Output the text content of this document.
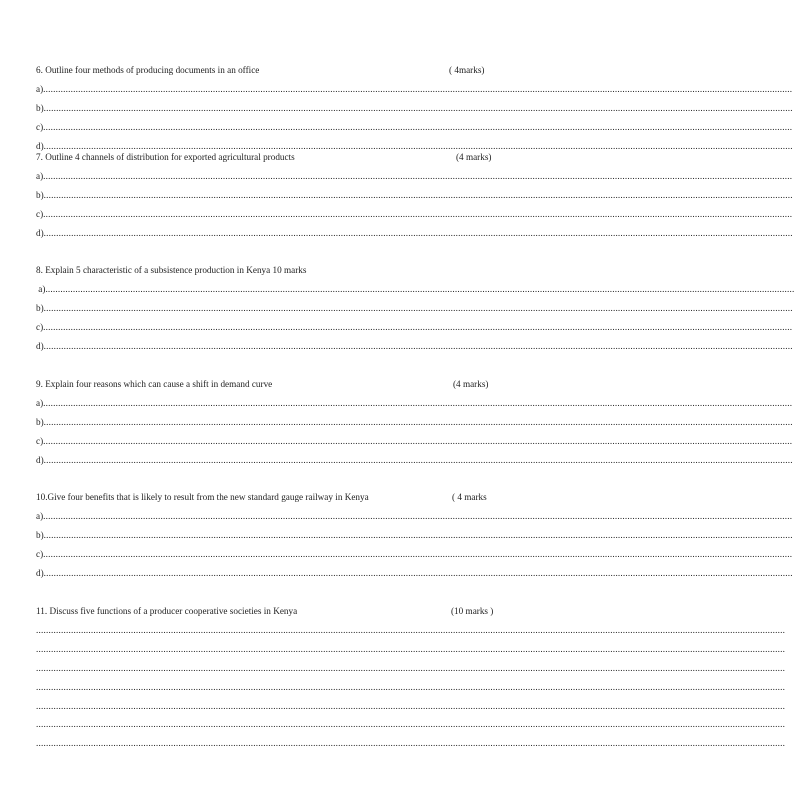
6. Outline four methods of producing documents in an office	( 4marks)
a)............................................................................................................................................................................................................................................................................................................
b)............................................................................................................................................................................................................................................................................................................
c)............................................................................................................................................................................................................................................................................................................
d)............................................................................................................................................................................................................................................................................................................
7. Outline 4 channels of distribution for exported agricultural products	(4 marks)
a)............................................................................................................................................................................................................................................................................................................
b)............................................................................................................................................................................................................................................................................................................
c)............................................................................................................................................................................................................................................................................................................
d)............................................................................................................................................................................................................................................................................................................
8. Explain 5 characteristic of a subsistence production in Kenya 10 marks
a)............................................................................................................................................................................................................................................................................................................
b)............................................................................................................................................................................................................................................................................................................
c)............................................................................................................................................................................................................................................................................................................
d)............................................................................................................................................................................................................................................................................................................
9. Explain four reasons which can cause a shift in demand curve	(4 marks)
a)............................................................................................................................................................................................................................................................................................................
b)............................................................................................................................................................................................................................................................................................................
c)............................................................................................................................................................................................................................................................................................................
d)............................................................................................................................................................................................................................................................................................................
10.Give four benefits that is likely to result from the new standard gauge railway in Kenya	( 4 marks
a)............................................................................................................................................................................................................................................................................................................
b)............................................................................................................................................................................................................................................................................................................
c)............................................................................................................................................................................................................................................................................................................
d)............................................................................................................................................................................................................................................................................................................
11. Discuss five functions of a producer cooperative societies in Kenya	(10 marks )
............................................................................................................................................................................................................................................................................................................
............................................................................................................................................................................................................................................................................................................
............................................................................................................................................................................................................................................................................................................
............................................................................................................................................................................................................................................................................................................
............................................................................................................................................................................................................................................................................................................
............................................................................................................................................................................................................................................................................................................
............................................................................................................................................................................................................................................................................................................
